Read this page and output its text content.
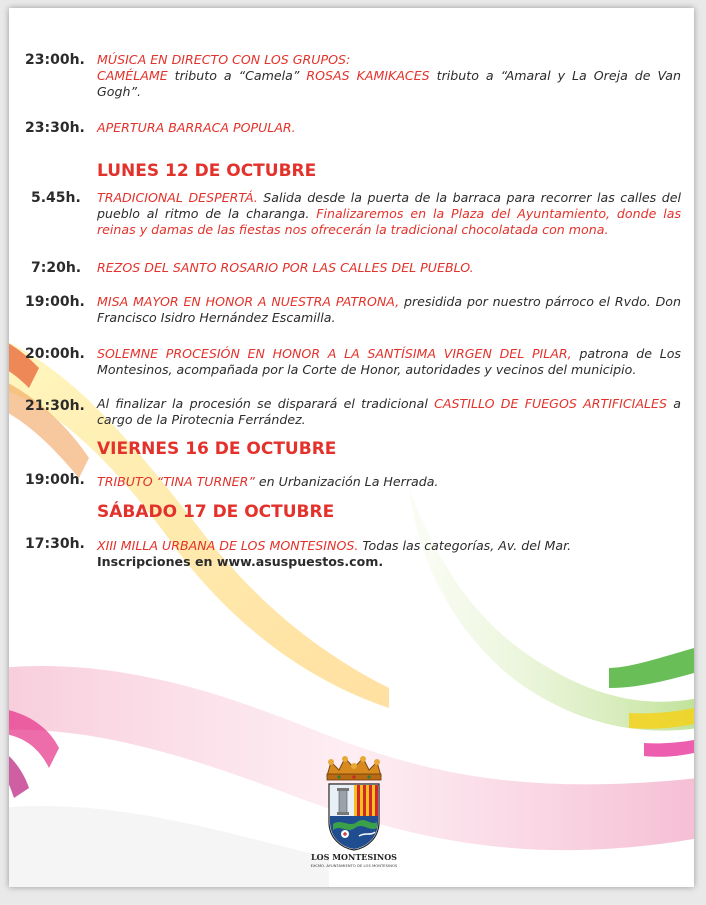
23:00h. MÚSICA EN DIRECTO CON LOS GRUPOS:
CAMÉLAME tributo a “Camela” ROSAS KAMIKACES tributo a “Amaral y La Oreja de Van Gogh”.
23:30h. APERTURA BARRACA POPULAR.
LUNES 12 DE OCTUBRE
5.45h.	TRADICIONAL DESPERTÁ. Salida desde la puerta de la barraca para recorrer las calles del pueblo al ritmo de la charanga. Finalizaremos en la Plaza del Ayuntamiento, donde las reinas y damas de las fiestas nos ofrecerán la tradicional chocolatada con mona.
7:20h.	REZOS DEL SANTO ROSARIO POR LAS CALLES DEL PUEBLO.
19:00h. MISA MAYOR EN HONOR A NUESTRA PATRONA, presidida por nuestro párroco el Rvdo. Don Francisco Isidro Hernández Escamilla.
20:00h. SOLEMNE PROCESIÓN EN HONOR A LA SANTÍSIMA VIRGEN DEL PILAR, patrona de Los Montesinos, acompañada por la Corte de Honor, autoridades y vecinos del municipio.
21:30h. Al finalizar la procesión se disparará el tradicional CASTILLO DE FUEGOS ARTIFICIALES a cargo de la Pirotecnia Ferrández.
VIERNES 16 DE OCTUBRE
19:00h. TRIBUTO “TINA TURNER” en Urbanización La Herrada.
SÁBADO 17 DE OCTUBRE
17:30h. XIII MILLA URBANA DE LOS MONTESINOS. Todas las categorías, Av. del Mar.
Inscripciones en www.asuspuestos.com.
LOS MONTESINOS
EXCMO. AYUNTAMIENTO DE LOS MONTESINOS
